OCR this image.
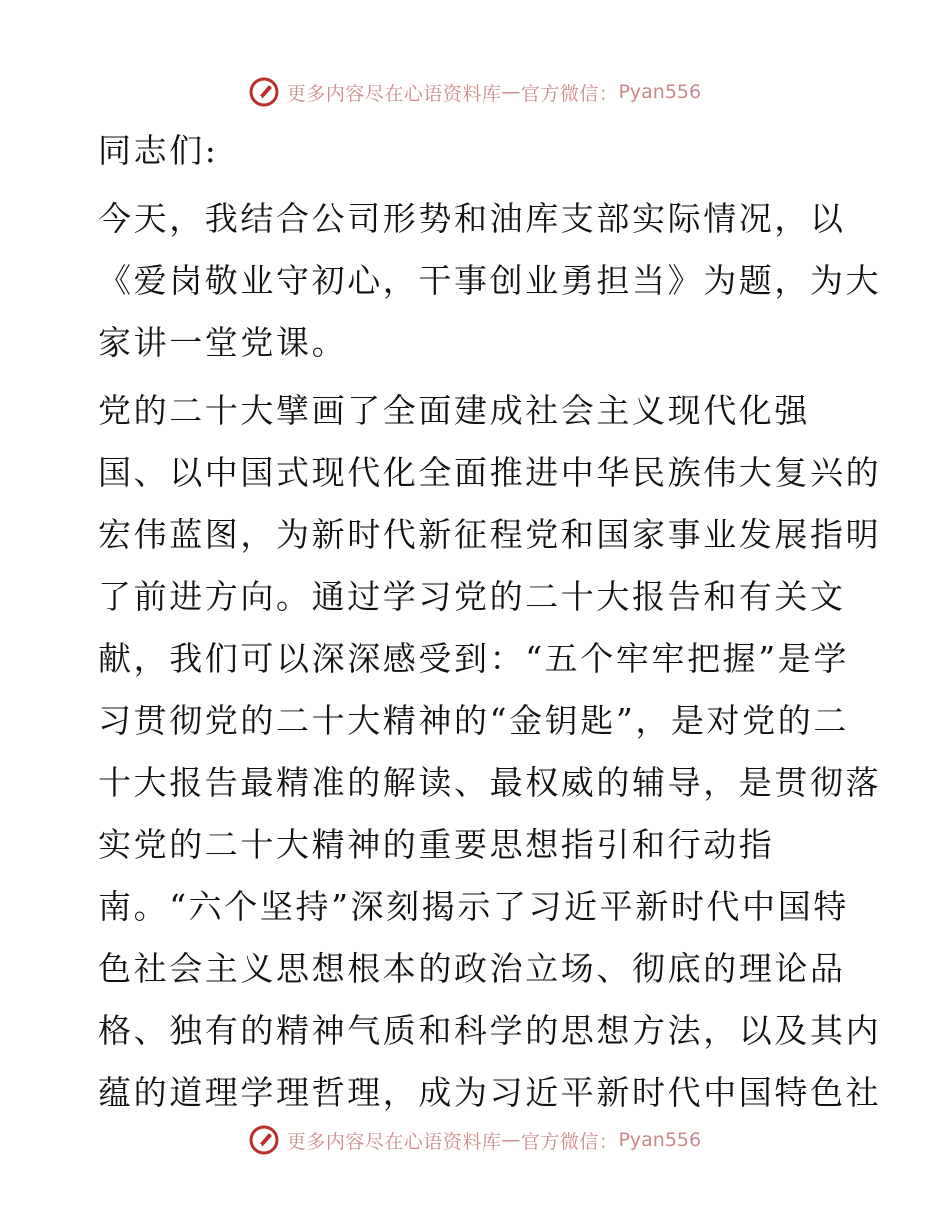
更多内容尽在心语资料库 — 官方微信 ： Pyan556
同志们:
今天，我结合公司形势和油库支部实际情况，以
《爱岗敬业守初心，干事创业勇担当》为题，为大
家讲一堂党课。
党的二十大擘画了全面建成社会主义现代化强
国、以中国式现代化全面推进中华民族伟大复兴的
宏伟蓝图，为新时代新征程党和国家事业发展指明
了前进方向。通过学习党的二十大报告和有关文
献，我们可以深深感受到：“五个牢牢把握”是学
习贯彻党的二十大精神的“金钥匙”，是对党的二
十大报告最精准的解读、最权威的辅导，是贯彻落
实党的二十大精神的重要思想指引和行动指
南。“六个坚持”深刻揭示了习近平新时代中国特
色社会主义思想根本的政治立场、彻底的理论品
格、独有的精神气质和科学的思想方法，以及其内
蕴的道理学理哲理，成为习近平新时代中国特色社
更多内容尽在心语资料库 — 官方微信 ： Pyan556
